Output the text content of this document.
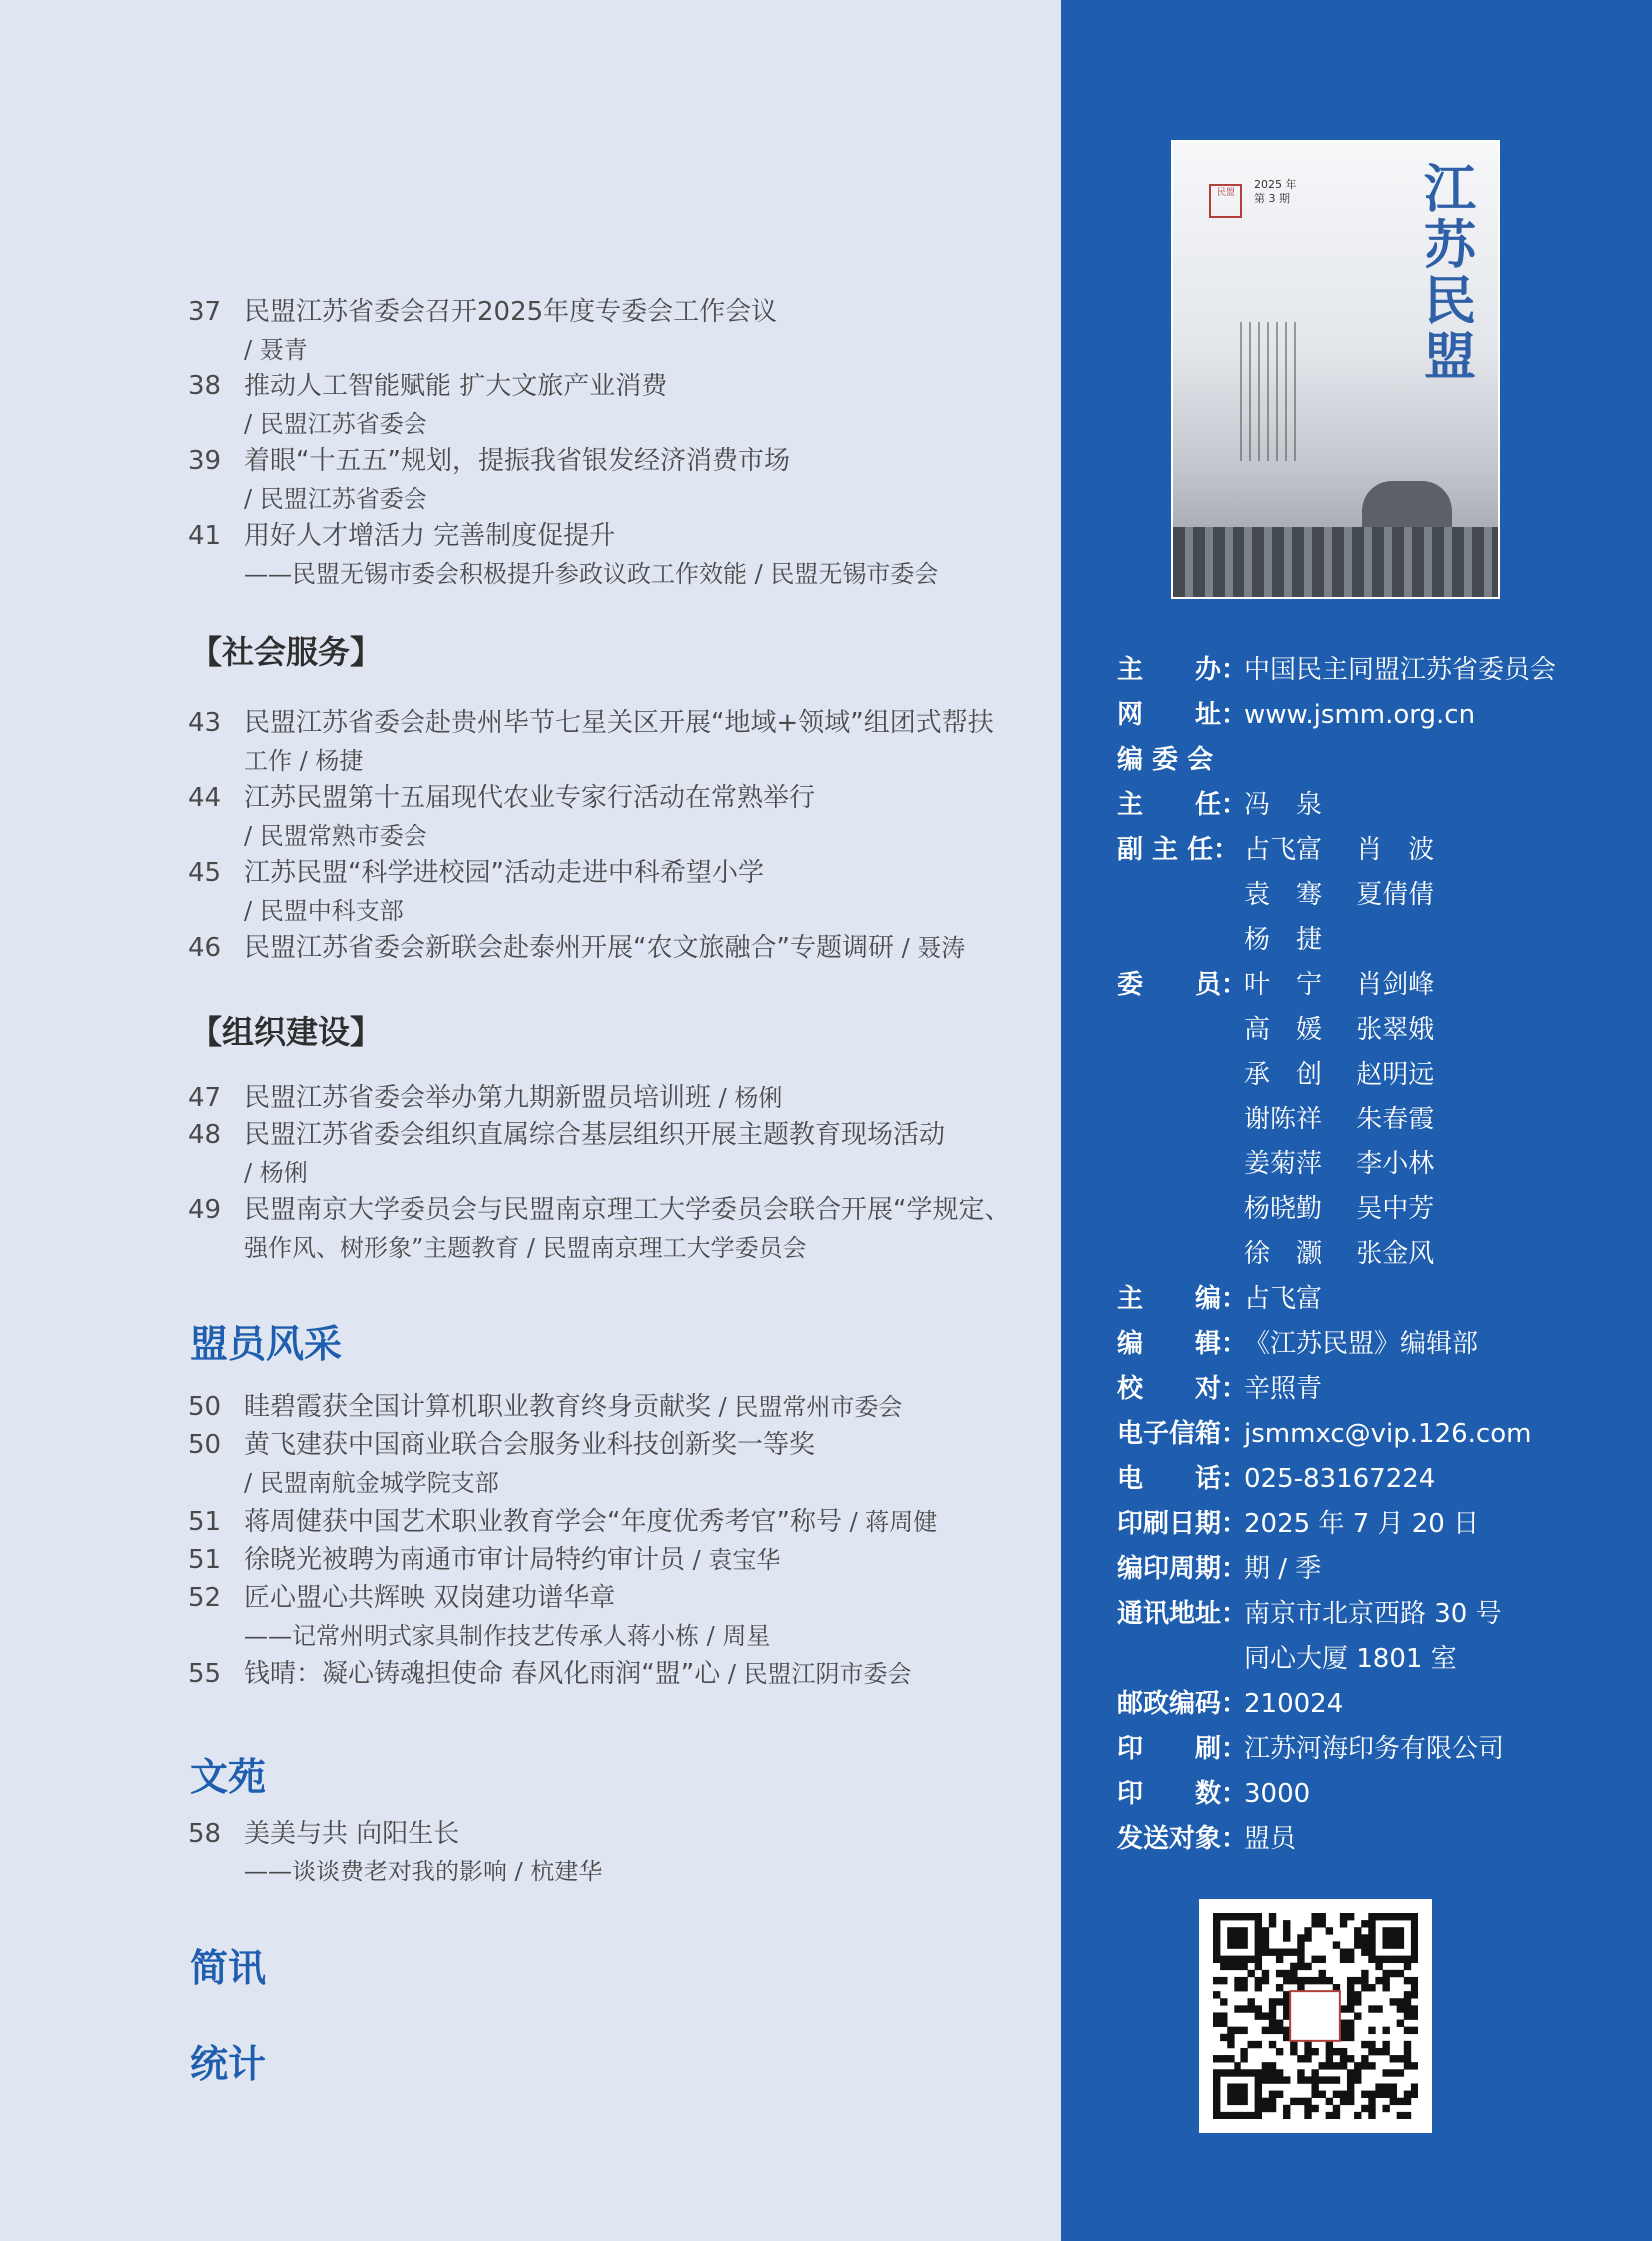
37 民盟江苏省委会召开2025年度专委会工作会议
/ 聂青
38 推动人工智能赋能 扩大文旅产业消费
/ 民盟江苏省委会
39 着眼“十五五”规划，提振我省银发经济消费市场
/ 民盟江苏省委会
41 用好人才增活力 完善制度促提升
——民盟无锡市委会积极提升参政议政工作效能 / 民盟无锡市委会
【社会服务】
43 民盟江苏省委会赴贵州毕节七星关区开展“地域+领域”组团式帮扶
工作 / 杨捷
44 江苏民盟第十五届现代农业专家行活动在常熟举行
/ 民盟常熟市委会
45 江苏民盟“科学进校园”活动走进中科希望小学
/ 民盟中科支部
46 民盟江苏省委会新联会赴泰州开展“农文旅融合”专题调研 / 聂涛
【组织建设】
47 民盟江苏省委会举办第九期新盟员培训班 / 杨俐
48 民盟江苏省委会组织直属综合基层组织开展主题教育现场活动
/ 杨俐
49 民盟南京大学委员会与民盟南京理工大学委员会联合开展“学规定、
强作风、树形象”主题教育 / 民盟南京理工大学委员会
盟员风采
50 眭碧霞获全国计算机职业教育终身贡献奖 / 民盟常州市委会
50 黄飞建获中国商业联合会服务业科技创新奖一等奖
/ 民盟南航金城学院支部
51 蒋周健获中国艺术职业教育学会“年度优秀考官”称号 / 蒋周健
51 徐晓光被聘为南通市审计局特约审计员 / 袁宝华
52 匠心盟心共辉映 双岗建功谱华章
——记常州明式家具制作技艺传承人蒋小栋 / 周星
55 钱晴：凝心铸魂担使命 春风化雨润“盟”心 / 民盟江阴市委会
文苑
58 美美与共 向阳生长
——谈谈费老对我的影响 / 杭建华
简讯
统计
民盟
2025 年
第 3 期	江苏民盟
主　　办：中国民主同盟江苏省委员会
网　　址：www.jsmm.org.cn
编 委 会
主　　任：冯　泉
副 主 任： 占飞富　 肖　波
袁　骞　 夏倩倩
杨　捷
委　　员：叶　宁　 肖剑峰
高　媛　 张翠娥
承　创　 赵明远
谢陈祥　 朱春霞
姜菊萍　 李小林
杨晓勤　 吴中芳
徐　灏　 张金风
主　　编：占飞富
编　　辑：《江苏民盟》编辑部
校　　对：辛照青
电子信箱：jsmmxc@vip.126.com
电　　话：025-83167224
印刷日期：2025 年 7 月 20 日
编印周期：期 / 季
通讯地址：南京市北京西路 30 号
同心大厦 1801 室
邮政编码：210024
印　　刷：江苏河海印务有限公司
印　　数：3000
发送对象：盟员
